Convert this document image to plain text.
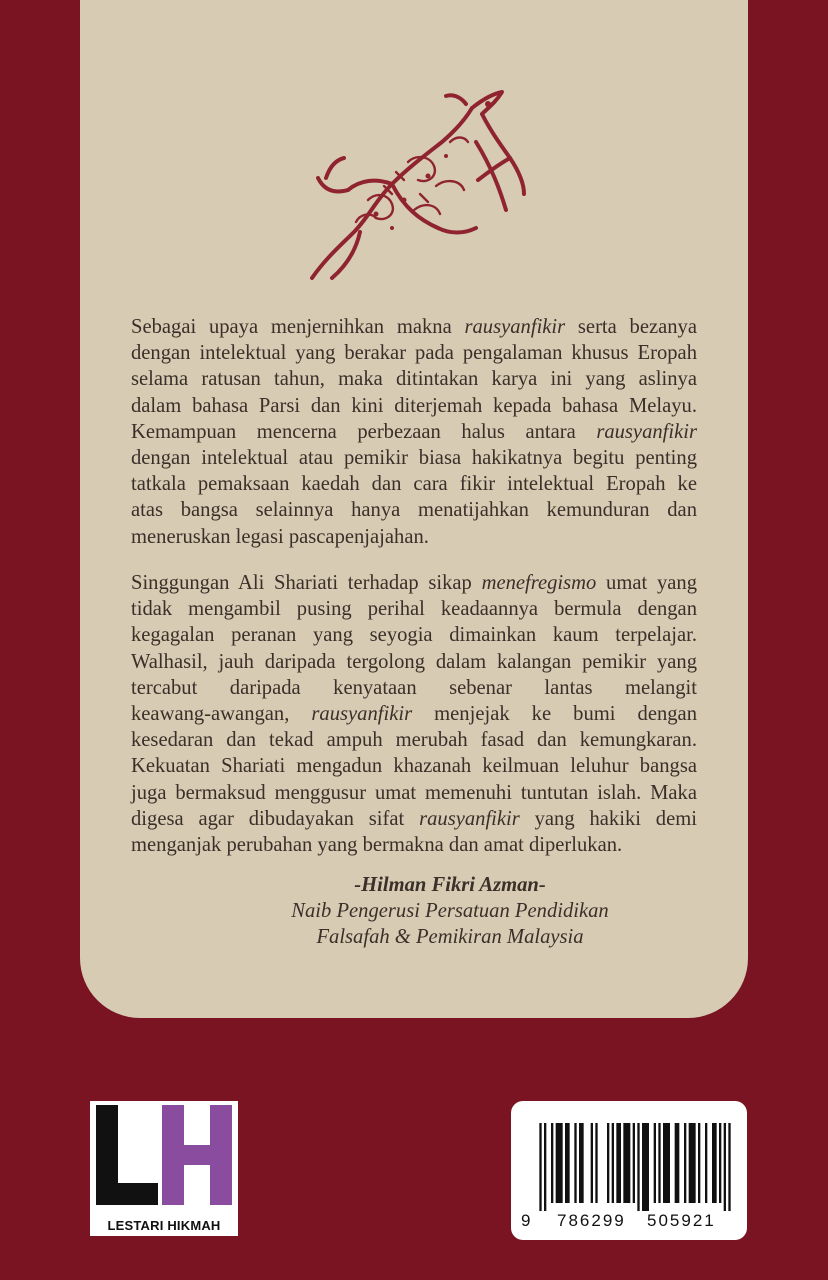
Sebagai upaya menjernihkan makna rausyanfikir serta bezanya
dengan intelektual yang berakar pada pengalaman khusus Eropah
selama ratusan tahun, maka ditintakan karya ini yang aslinya
dalam bahasa Parsi dan kini diterjemah kepada bahasa Melayu.
Kemampuan mencerna perbezaan halus antara rausyanfikir
dengan intelektual atau pemikir biasa hakikatnya begitu penting
tatkala pemaksaan kaedah dan cara fikir intelektual Eropah ke
atas bangsa selainnya hanya menatijahkan kemunduran dan
meneruskan legasi pascapenjajahan.
Singgungan Ali Shariati terhadap sikap menefregismo umat yang
tidak mengambil pusing perihal keadaannya bermula dengan
kegagalan peranan yang seyogia dimainkan kaum terpelajar.
Walhasil, jauh daripada tergolong dalam kalangan pemikir yang
tercabut daripada kenyataan sebenar lantas melangit
keawang-awangan, rausyanfikir menjejak ke bumi dengan
kesedaran dan tekad ampuh merubah fasad dan kemungkaran.
Kekuatan Shariati mengadun khazanah keilmuan leluhur bangsa
juga bermaksud menggusur umat memenuhi tuntutan islah. Maka
digesa agar dibudayakan sifat rausyanfikir yang hakiki demi
menganjak perubahan yang bermakna dan amat diperlukan.
-Hilman Fikri Azman-
Naib Pengerusi Persatuan Pendidikan
Falsafah & Pemikiran Malaysia
LESTARI HIKMAH	9 786299 505921
